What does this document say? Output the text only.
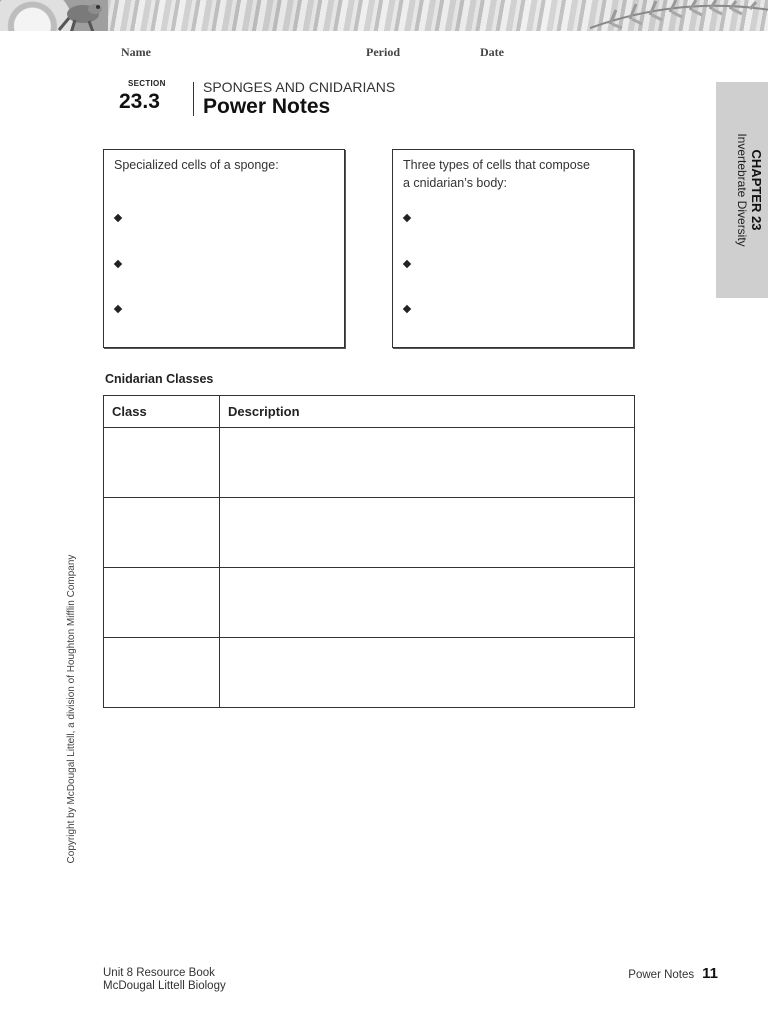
Name	Period	Date
SECTION
23.3
SPONGES AND CNIDARIANS
Power Notes
CHAPTER 23
Invertebrate Diversity
Specialized cells of a sponge:	Three types of cells that compose
a cnidarian’s body:
Cnidarian Classes
Class	Description

Copyright by McDougal Littell, a division of Houghton Mifflin Company
Unit 8 Resource Book
McDougal Littell Biology
Power Notes 11
